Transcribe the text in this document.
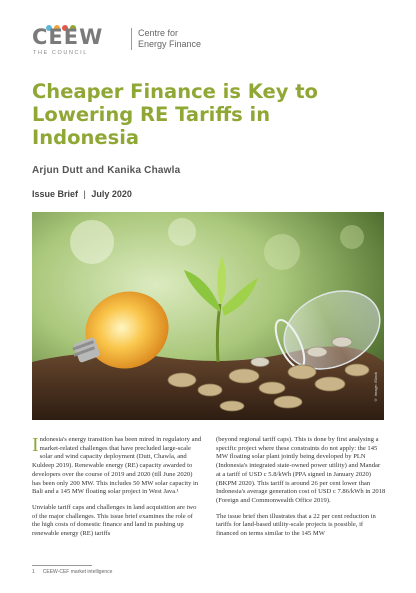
CEEW
THE COUNCIL
Centre for
Energy Finance
Cheaper Finance is Key to Lowering RE Tariffs in Indonesia
Arjun Dutt and Kanika Chawla
Issue Brief | July 2020
© Image: iStock

Indonesia's energy transition has been mired in regulatory and market-related challenges that have precluded large-scale solar and wind capacity deployment (Dutt, Chawla, and Kuldeep 2019). Renewable energy (RE) capacity awarded to developers over the course of 2019 and 2020 (till June 2020) has been only 200 MW. This includes 50 MW solar capacity in Bali and a 145 MW floating solar project in West Java.¹

Unviable tariff caps and challenges in land acquisition are two of the major challenges. This issue brief examines the role of the high costs of domestic finance and land in pushing up renewable energy (RE) tariffs

(beyond regional tariff caps). This is done by first analysing a specific project where these constraints do not apply: the 145 MW floating solar plant jointly being developed by PLN (Indonesia's integrated state-owned power utility) and Mandar at a tariff of USD c 5.8/kWh (PPA signed in January 2020) (BKPM 2020). This tariff is around 26 per cent lower than Indonesia's average generation cost of USD c 7.86/kWh in 2018 (Foreign and Commonwealth Office 2019).

The issue brief then illustrates that a 22 per cent reduction in tariffs for land-based utility-scale projects is possible, if financed on terms similar to the 145 MW

1 CEEW-CEF market intelligence
